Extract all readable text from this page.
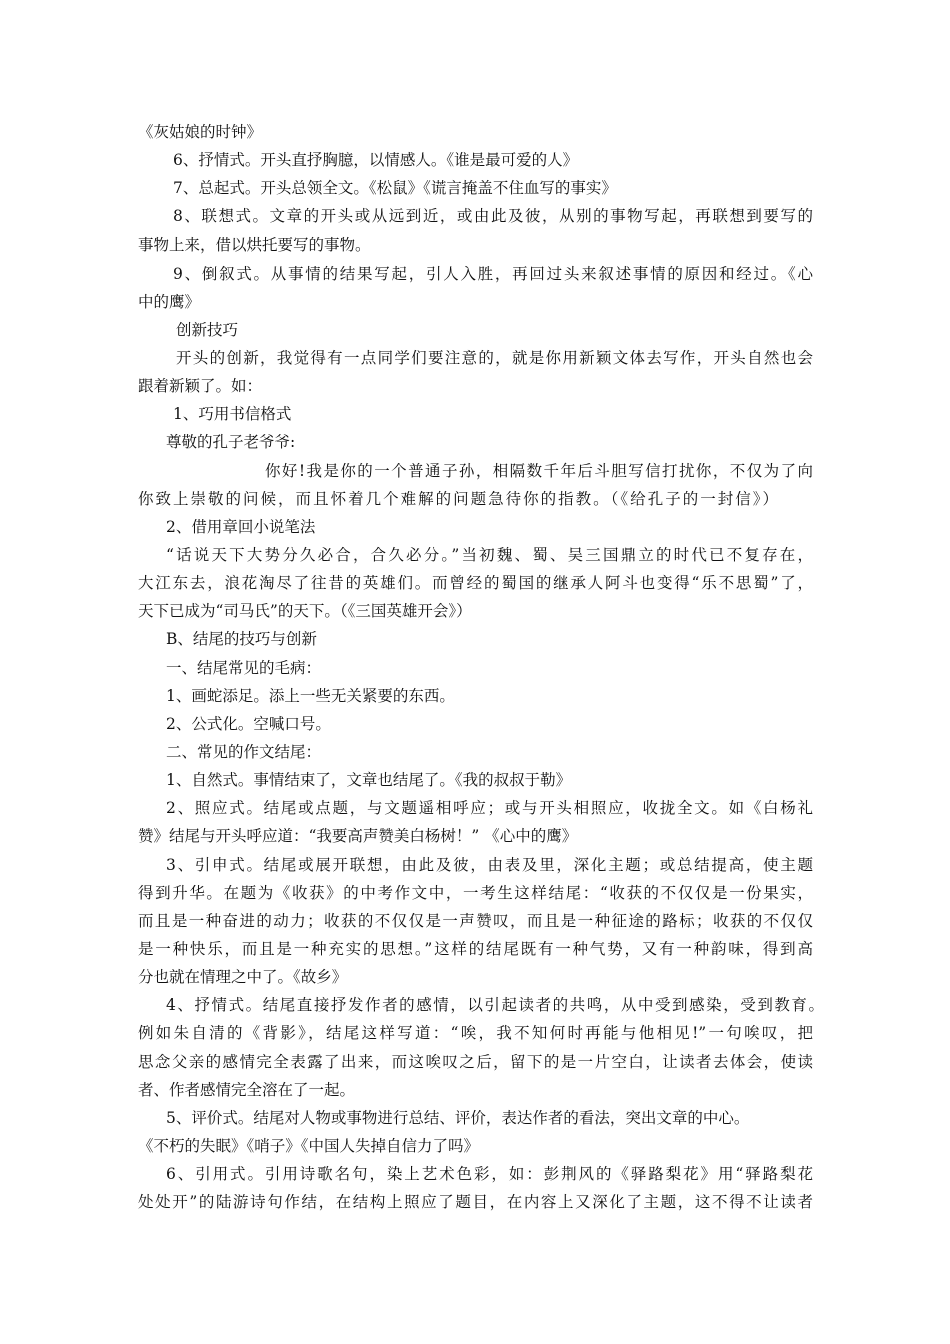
《灰姑娘的时钟》
6、抒情式。开头直抒胸臆，以情感人。《谁是最可爱的人》
7、总起式。开头总领全文。《松鼠》《谎言掩盖不住血写的事实》
8、联想式。文章的开头或从远到近，或由此及彼，从别的事物写起，再联想到要写的
事物上来，借以烘托要写的事物。
9、倒叙式。从事情的结果写起，引人入胜，再回过头来叙述事情的原因和经过。《心
中的鹰》
创新技巧
开头的创新，我觉得有一点同学们要注意的，就是你用新颖文体去写作，开头自然也会
跟着新颖了。如：
1、巧用书信格式
尊敬的孔子老爷爷:
你好!我是你的一个普通子孙，相隔数千年后斗胆写信打扰你，不仅为了向
你致上崇敬的问候，而且怀着几个难解的问题急待你的指教。（《给孔子的一封信》）
2、借用章回小说笔法
“话说天下大势分久必合，合久必分。”当初魏、蜀、吴三国鼎立的时代已不复存在，
大江东去，浪花淘尽了往昔的英雄们。而曾经的蜀国的继承人阿斗也变得“乐不思蜀”了，
天下已成为“司马氏”的天下。（《三国英雄开会》）
B、结尾的技巧与创新
一、结尾常见的毛病：
1、画蛇添足。添上一些无关紧要的东西。
2、公式化。空喊口号。
二、常见的作文结尾：
1、自然式。事情结束了，文章也结尾了。《我的叔叔于勒》
2、照应式。结尾或点题，与文题遥相呼应；或与开头相照应，收拢全文。如《白杨礼
赞》结尾与开头呼应道：“我要高声赞美白杨树！” 《心中的鹰》
3、引申式。结尾或展开联想，由此及彼，由表及里，深化主题；或总结提高，使主题
得到升华。在题为《收获》的中考作文中，一考生这样结尾：“收获的不仅仅是一份果实，
而且是一种奋进的动力；收获的不仅仅是一声赞叹，而且是一种征途的路标；收获的不仅仅
是一种快乐，而且是一种充实的思想。”这样的结尾既有一种气势，又有一种韵味，得到高
分也就在情理之中了。《故乡》
4、抒情式。结尾直接抒发作者的感情，以引起读者的共鸣，从中受到感染，受到教育。
例如朱自清的《背影》，结尾这样写道：“唉，我不知何时再能与他相见!”一句唉叹，把
思念父亲的感情完全表露了出来，而这唉叹之后，留下的是一片空白，让读者去体会，使读
者、作者感情完全溶在了一起。
5、评价式。结尾对人物或事物进行总结、评价，表达作者的看法，突出文章的中心。
《不朽的失眠》《哨子》《中国人失掉自信力了吗》
6、引用式。引用诗歌名句，染上艺术色彩，如：彭荆风的《驿路梨花》用“驿路梨花
处处开”的陆游诗句作结，在结构上照应了题目，在内容上又深化了主题，这不得不让读者
